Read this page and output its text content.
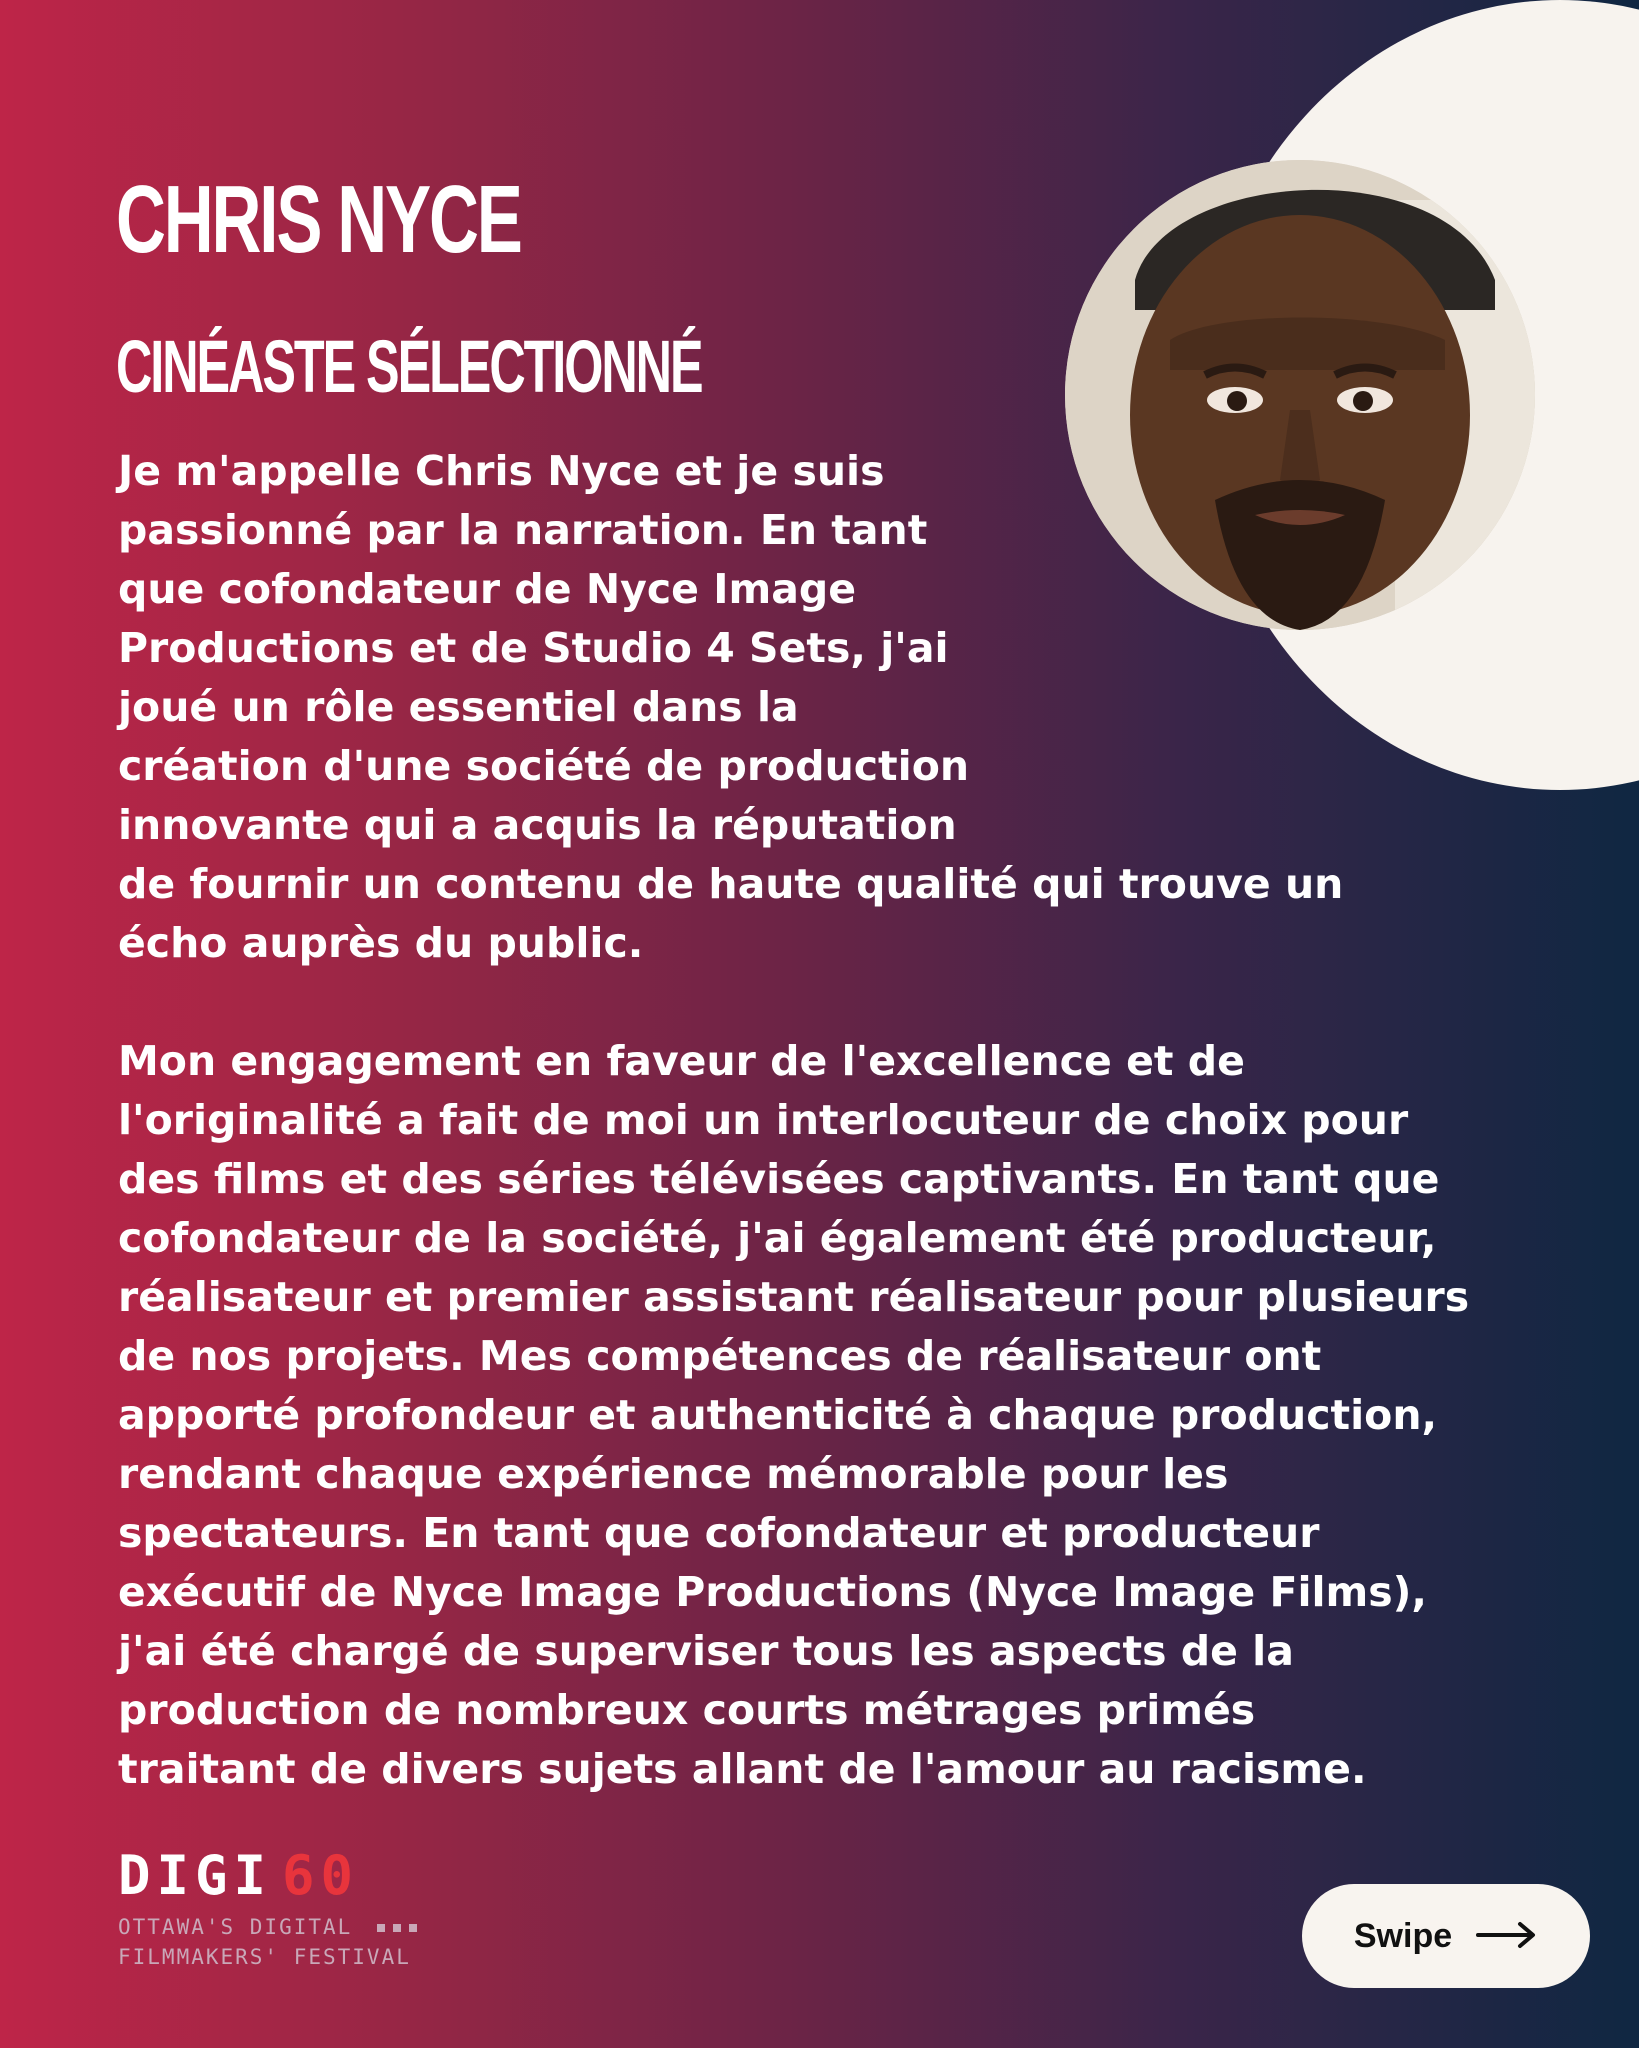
CHRIS NYCE
CINÉASTE SÉLECTIONNÉ
Je m'appelle Chris Nyce et je suis
passionné par la narration. En tant
que cofondateur de Nyce Image
Productions et de Studio 4 Sets, j'ai
joué un rôle essentiel dans la
création d'une société de production
innovante qui a acquis la réputation
de fournir un contenu de haute qualité qui trouve un
écho auprès du public.
Mon engagement en faveur de l'excellence et de
l'originalité a fait de moi un interlocuteur de choix pour
des films et des séries télévisées captivants. En tant que
cofondateur de la société, j'ai également été producteur,
réalisateur et premier assistant réalisateur pour plusieurs
de nos projets. Mes compétences de réalisateur ont
apporté profondeur et authenticité à chaque production,
rendant chaque expérience mémorable pour les
spectateurs. En tant que cofondateur et producteur
exécutif de Nyce Image Productions (Nyce Image Films),
j'ai été chargé de superviser tous les aspects de la
production de nombreux courts métrages primés
traitant de divers sujets allant de l'amour au racisme.
DIGI 60
OTTAWA'S DIGITAL

FILMMAKERS' FESTIVAL
Swipe
